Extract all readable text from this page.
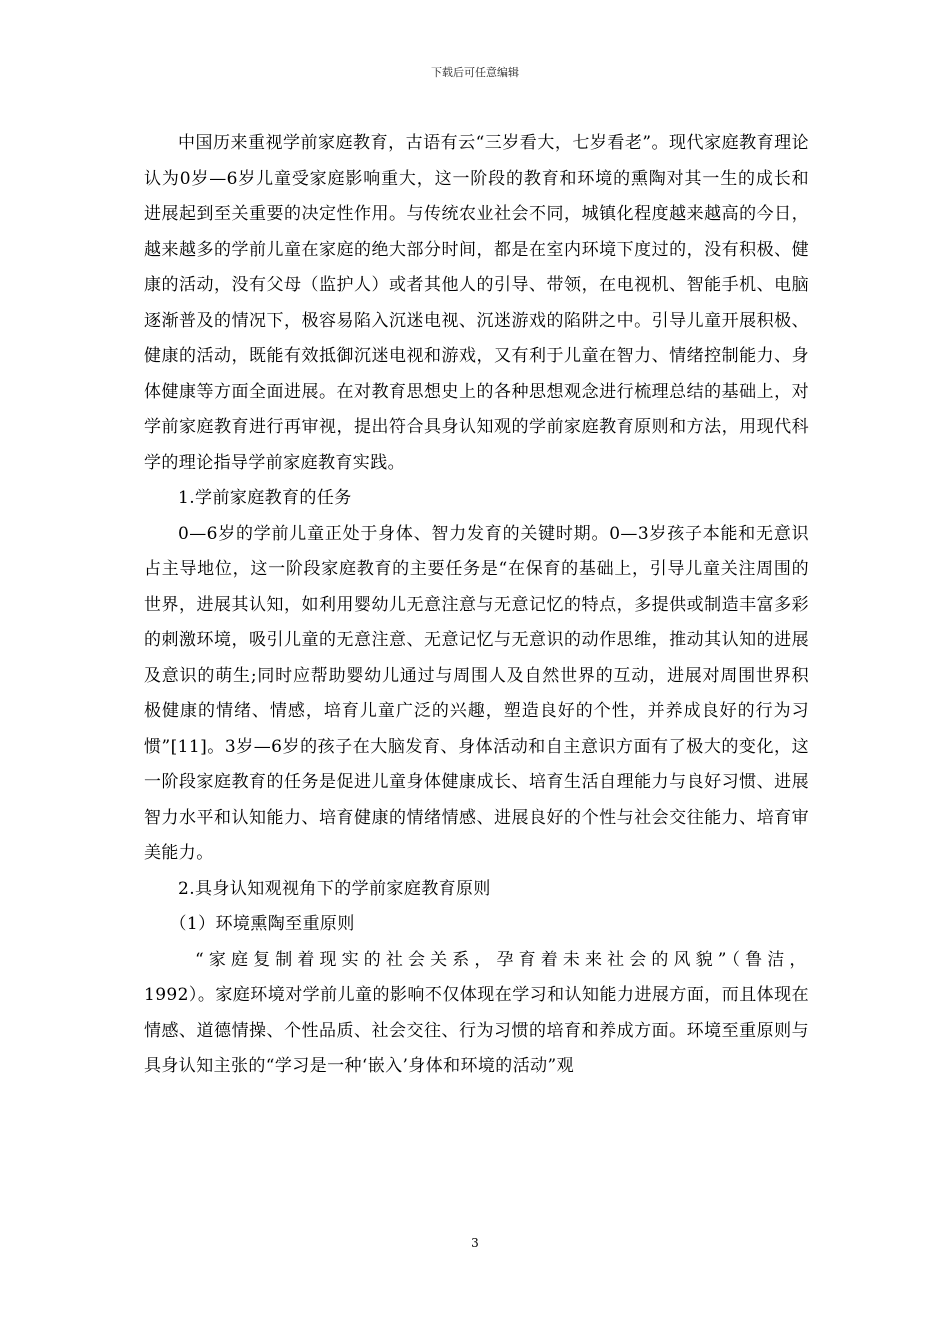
下载后可任意编辑

中国历来重视学前家庭教育，古语有云“三岁看大，七岁看老”。现代家庭教育理论认为0岁—6岁儿童受家庭影响重大，这一阶段的教育和环境的熏陶对其一生的成长和进展起到至关重要的决定性作用。与传统农业社会不同，城镇化程度越来越高的今日，越来越多的学前儿童在家庭的绝大部分时间，都是在室内环境下度过的，没有积极、健康的活动，没有父母（监护人）或者其他人的引导、带领，在电视机、智能手机、电脑逐渐普及的情况下，极容易陷入沉迷电视、沉迷游戏的陷阱之中。引导儿童开展积极、健康的活动，既能有效抵御沉迷电视和游戏，又有利于儿童在智力、情绪控制能力、身体健康等方面全面进展。在对教育思想史上的各种思想观念进行梳理总结的基础上，对学前家庭教育进行再审视，提出符合具身认知观的学前家庭教育原则和方法，用现代科学的理论指导学前家庭教育实践。

1.学前家庭教育的任务

0—6岁的学前儿童正处于身体、智力发育的关键时期。0—3岁孩子本能和无意识占主导地位，这一阶段家庭教育的主要任务是“在保育的基础上，引导儿童关注周围的世界，进展其认知，如利用婴幼儿无意注意与无意记忆的特点，多提供或制造丰富多彩的刺激环境，吸引儿童的无意注意、无意记忆与无意识的动作思维，推动其认知的进展及意识的萌生;同时应帮助婴幼儿通过与周围人及自然世界的互动，进展对周围世界积极健康的情绪、情感，培育儿童广泛的兴趣，塑造良好的个性，并养成良好的行为习惯”[11]。3岁—6岁的孩子在大脑发育、身体活动和自主意识方面有了极大的变化，这一阶段家庭教育的任务是促进儿童身体健康成长、培育生活自理能力与良好习惯、进展智力水平和认知能力、培育健康的情绪情感、进展良好的个性与社会交往能力、培育审美能力。

2.具身认知观视角下的学前家庭教育原则

（1）环境熏陶至重原则

“家庭复制着现实的社会关系，孕育着未来社会的风貌”（鲁洁，1992）。家庭环境对学前儿童的影响不仅体现在学习和认知能力进展方面，而且体现在情感、道德情操、个性品质、社会交往、行为习惯的培育和养成方面。环境至重原则与具身认知主张的“学习是一种‘嵌入’身体和环境的活动”观

3
